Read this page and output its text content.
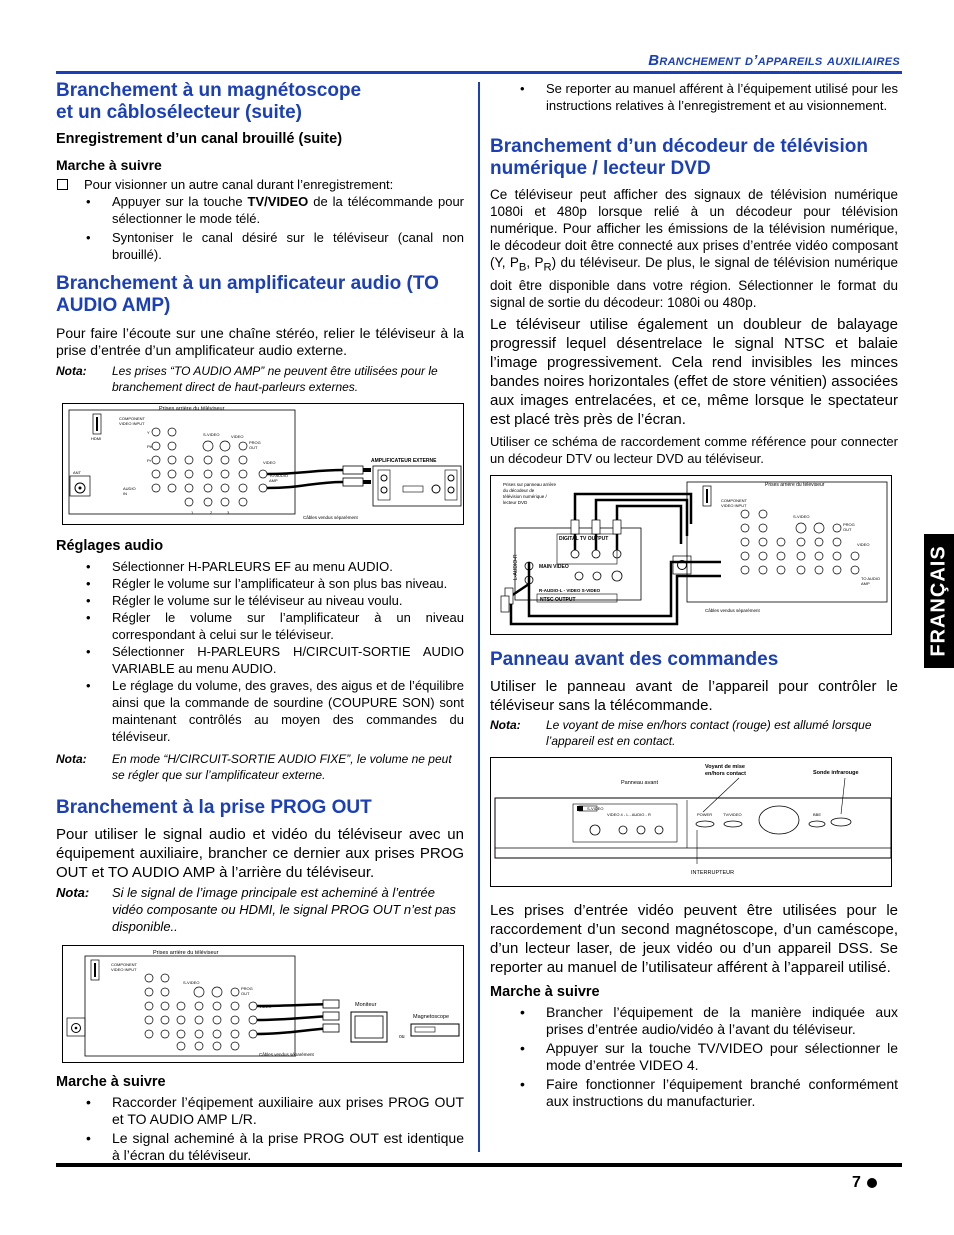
Branchement d’appareils auxiliaires
FRANÇAIS
Branchement à un magnétoscope et un câblosélecteur (suite)
Enregistrement d’un canal brouillé (suite)
Marche à suivre
Pour visionner un autre canal durant l’enregistrement:
• Appuyer sur la touche TV/VIDEO de la télécommande pour sélectionner le mode télé.
• Syntoniser le canal désiré sur le téléviseur (canal non brouillé).
Branchement à un amplificateur audio (TO AUDIO AMP)

Pour faire l’écoute sur une chaîne stéréo, relier le téléviseur à la prise d’entrée d’un amplificateur audio externe.

Nota:	Les prises “TO AUDIO AMP” ne peuvent être utilisées pour le branchement direct de haut-parleurs externes.
Prises arrière du téléviseur
HDMI
COMPONENT
VIDEO INPUT
ANT
Y
Pb
Pr
S-VIDEO	VIDEO
PROG
OUT
VIDEO
AUDIO
IN
TO AUDIO
AMP
1	2	3
AMPLIFICATEUR EXTERNE
Câbles vendus séparément
Réglages audio
• Sélectionner H-PARLEURS EF au menu AUDIO.
• Régler le volume sur l’amplificateur à son plus bas niveau.
• Régler le volume sur le téléviseur au niveau voulu.
• Régler le volume sur l’amplificateur à un niveau correspondant à celui sur le téléviseur.
• Sélectionner H-PARLEURS H/CIRCUIT-SORTIE AUDIO VARIABLE au menu AUDIO.
• Le réglage du volume, des graves, des aigus et de l’équilibre ainsi que la commande de sourdine (COUPURE SON) sont maintenant contrôlés au moyen des commandes du téléviseur.
Nota:	En mode “H/CIRCUIT-SORTIE AUDIO FIXE”, le volume ne peut se régler que sur l’amplificateur externe.
Branchement à la prise PROG OUT

Pour utiliser le signal audio et vidéo du téléviseur avec un équipement auxiliaire, brancher ce dernier aux prises PROG OUT et TO AUDIO AMP à l’arrière du téléviseur.

Nota:	Si le signal de l’image principale est acheminé à l’entrée vidéo composante ou HDMI, le signal PROG OUT n’est pas disponible..
Prises arrière du téléviseur
COMPONENT
VIDEO INPUT
S-VIDEO
PROG
OUT
VIDEO	Moniteur
ou
Magnetoscope
Câbles vendus séparément
Marche à suivre
• Raccorder l’éqipement auxiliaire aux prises PROG OUT et TO AUDIO AMP L/R.
• Le signal acheminé à la prise PROG OUT est identique à l’écran du téléviseur.
• Se reporter au manuel afférent à l’équipement utilisé pour les instructions relatives à l’enregistrement et au visionnement.
Branchement d’un décodeur de télévision numérique / lecteur DVD

Ce téléviseur peut afficher des signaux de télévision numérique 1080i et 480p lorsque relié à un décodeur pour télévision numérique. Pour afficher les émissions de la télévision numérique, le décodeur doit être connecté aux prises d’entrée vidéo composant (Y, $P_B$, $P_R$) du téléviseur. De plus, le signal de télévision numérique doit être disponible dans votre région. Sélectionner le format du signal de sortie du décodeur: 1080i ou 480p.

Le téléviseur utilise également un doubleur de balayage progressif lequel désentrelace le signal NTSC et balaie l’image progressivement. Cela rend invisibles les minces bandes noires horizontales (effet de store vénitien) associées aux images entrelacées, et ce, même lorsque le spectateur est placé très près de l’écran.

Utiliser ce schéma de raccordement comme référence pour connecter un décodeur DTV ou lecteur DVD au téléviseur.

Prises sur panneau arrière
du décodeur de
télévision numérique /
lecteur DVD
DIGITAL TV OUTPUT
MAIN VIDEO
R-AUDIO-L - VIDEO S-VIDEO
NTSC OUTPUT
L-AUDIO-R
Prises arrière du téléviseur
COMPONENT
VIDEO INPUT
S-VIDEO
PROG
OUT
VIDEO
TO AUDIO
AMP
Câbles vendus séparément
Panneau avant des commandes

Utiliser le panneau avant de l’appareil pour contrôler le téléviseur sans la télécommande.

Nota:	Le voyant de mise en/hors contact (rouge) est allumé lorsque l’appareil est en contact.
Panneau avant
Voyant de mise
en/hors contact	Sonde infrarouge
S-VIDEO
VIDEO 4 - L - AUDIO - R	POWER	TV/VIDEO	BBE
INTERRUPTEUR

Les prises d’entrée vidéo peuvent être utilisées pour le raccordement d’un second magnétoscope, d’un caméscope, d’un lecteur laser, de jeux vidéo ou d’un appareil DSS. Se reporter au manuel de l’utilisateur afférent à l’appareil utilisé.

Marche à suivre
• Brancher l’équipement de la manière indiquée aux prises d’entrée audio/vidéo à l’avant du téléviseur.
• Appuyer sur la touche TV/VIDEO pour sélectionner le mode d’entrée VIDEO 4.
• Faire fonctionner l’équipement branché conformément aux instructions du manufacturier.
7
